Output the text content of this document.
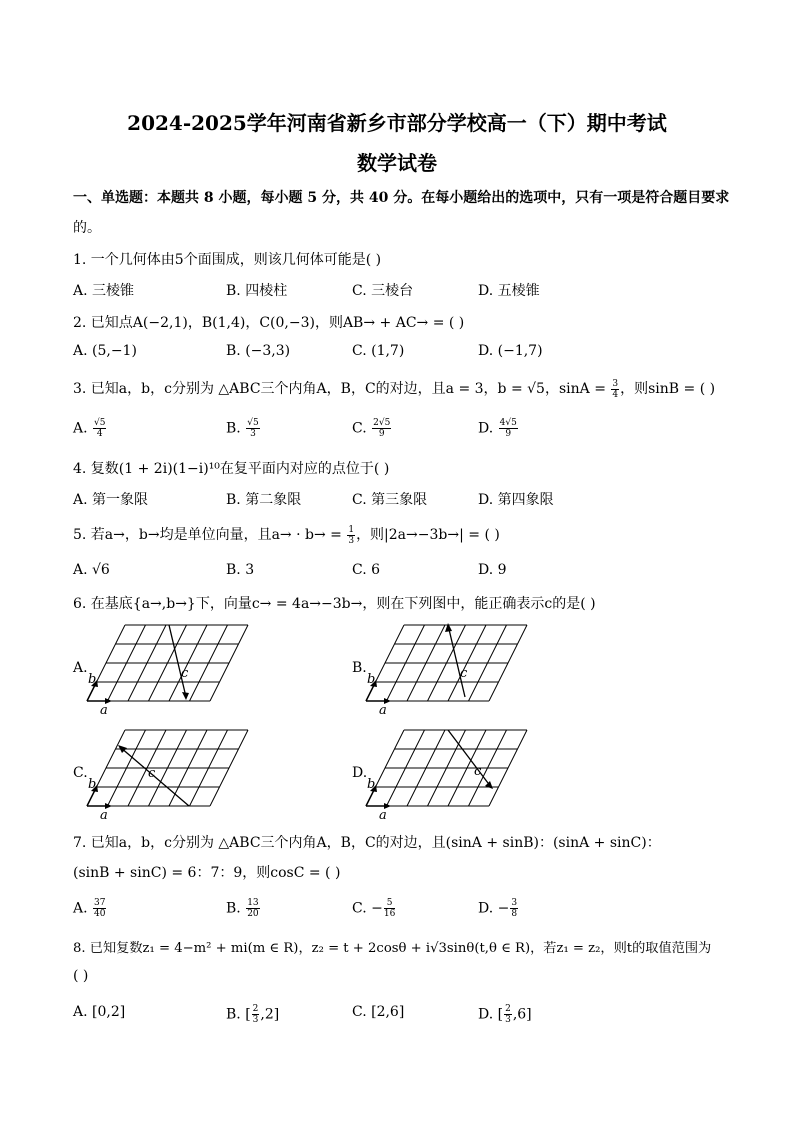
2024-2025学年河南省新乡市部分学校高一（下）期中考试
数学试卷
一、单选题：本题共 8 小题，每小题 5 分，共 40 分。在每小题给出的选项中，只有一项是符合题目要求
的。
1. 一个几何体由5个面围成，则该几何体可能是( )
A. 三棱锥	B. 四棱柱	C. 三棱台	D. 五棱锥
2. 已知点A(−2,1)，B(1,4)，C(0,−3)，则AB→ + AC→ = ( )
A. (5,−1)	B. (−3,3)	C. (1,7)	D. (−1,7)
3. 已知a，b，c分别为 △ABC三个内角A，B，C的对边，且a = 3，b = √5，$\sin A = \frac{3}{4}$ ，则sinB = ( )
A. $\frac{√5}{4}$	B. $\frac{√5}{3}$	C. $\frac{2√5}{9}$	D. $\frac{4√5}{9}$
4. 复数(1 + 2i)(1−i)¹⁰在复平面内对应的点位于( )
A. 第一象限	B. 第二象限	C. 第三象限	D. 第四象限
5. 若a→，b→均是单位向量，且$a\to \cdot b\to = \frac{1}{3}$ ，则|2a→−3b→| = ( )
A. √6	B. 3	C. 6	D. 9
6. 在基底{a→,b→}下，向量c→ = 4a→−3b→，则在下列图中，能正确表示c的是( )
A.	c
b
a
B.	c
b
a
C.	c
b
a
D.	c
b
a
7. 已知a，b，c分别为 △ABC三个内角A，B，C的对边，且(sinA + sinB)：(sinA + sinC)：
(sinB + sinC) = 6：7：9，则cosC = ( )
A. $\frac{37}{40}$	B. $\frac{13}{20}$	C. − $\frac{5}{16}$	D. − $\frac{3}{8}$
8. 已知复数z₁ = 4−m² + mi(m ∈ R)，z₂ = t + 2cosθ + i√3sinθ(t,θ ∈ R)，若z₁ = z₂，则t的取值范围为
( )
A. [0,2]	B. [ $\frac{2}{3} ,2$]	C. [2,6]	D. [ $\frac{2}{3} ,6$]
